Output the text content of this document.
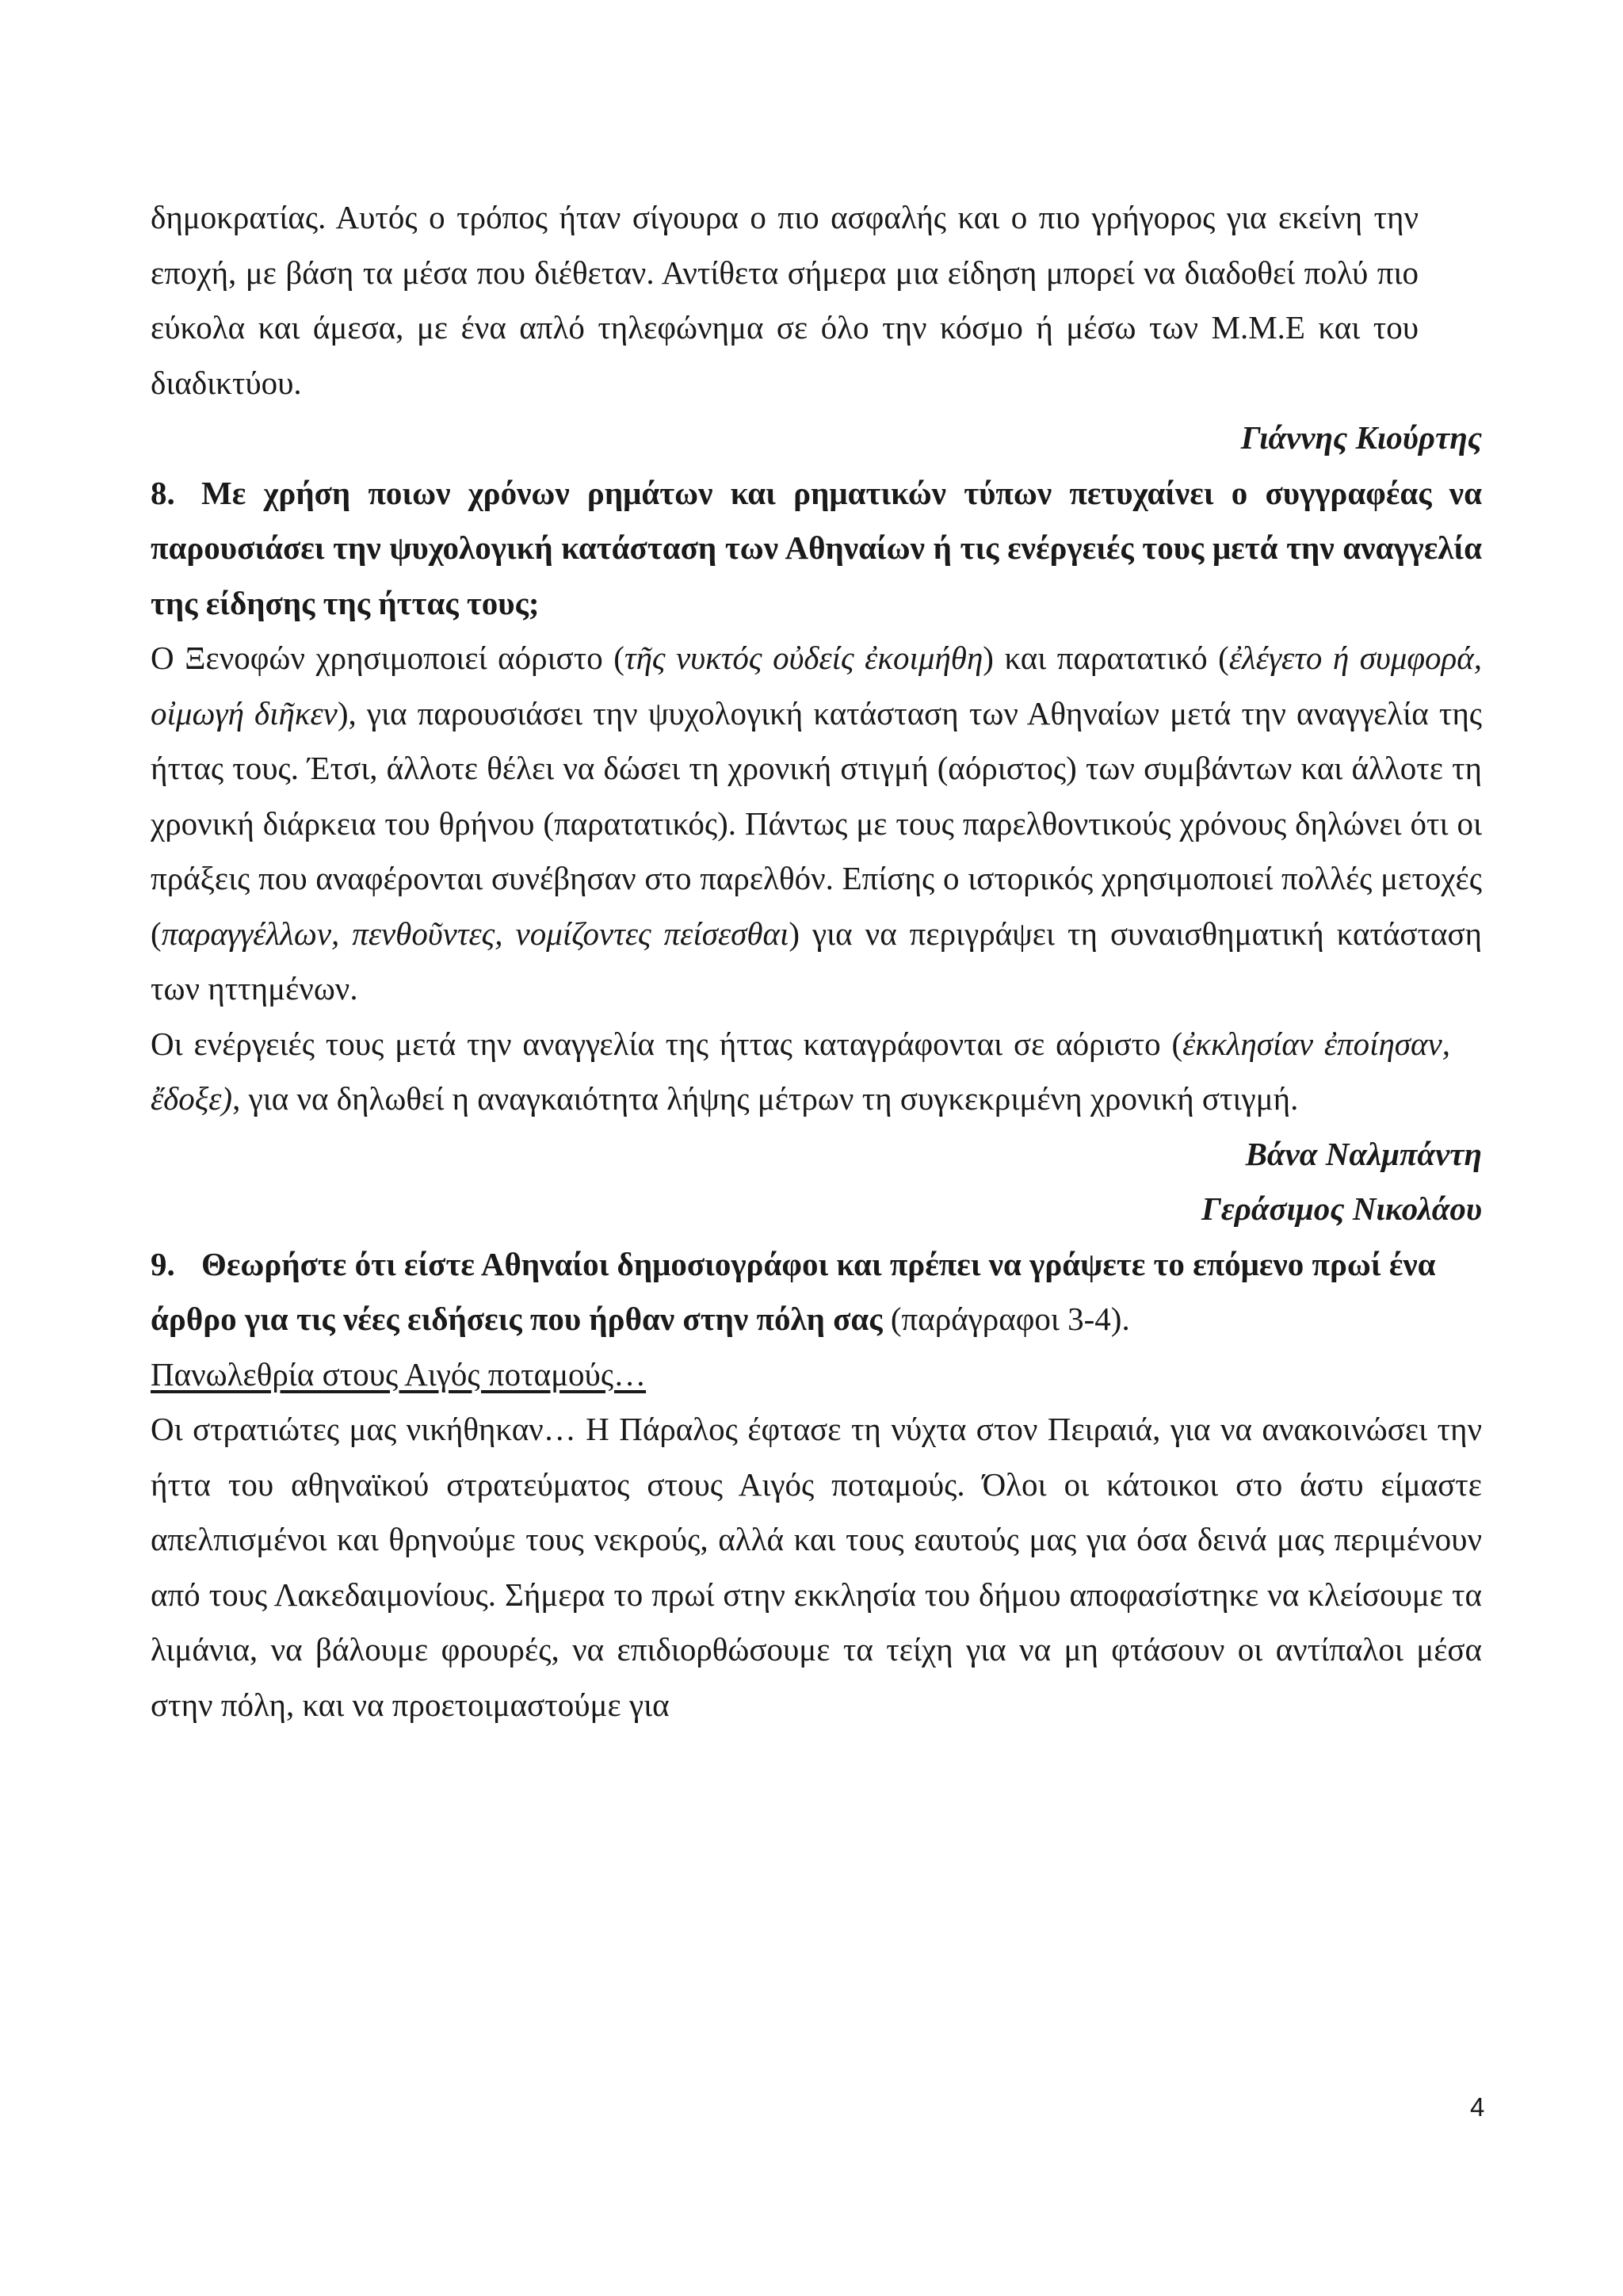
δημοκρατίας. Αυτός ο τρόπος ήταν σίγουρα ο πιο ασφαλής και ο πιο γρήγορος για εκείνη την εποχή, με βάση τα μέσα που διέθεταν. Αντίθετα σήμερα μια είδηση μπορεί να διαδοθεί πολύ πιο εύκολα και άμεσα, με ένα απλό τηλεφώνημα σε όλο την κόσμο ή μέσω των Μ.Μ.Ε και του διαδικτύου.

Γιάννης Κιούρτης

8. Με χρήση ποιων χρόνων ρημάτων και ρηματικών τύπων πετυχαίνει ο συγγραφέας να παρουσιάσει την ψυχολογική κατάσταση των Αθηναίων ή τις ενέργειές τους μετά την αναγγελία της είδησης της ήττας τους;

Ο Ξενοφών χρησιμοποιεί αόριστο (τῆς νυκτός οὐδείς ἐκοιμήθη) και παρατατικό (ἐλέγετο ή συμφορά, οἰμωγή διῆκεν), για παρουσιάσει την ψυχολογική κατάσταση των Αθηναίων μετά την αναγγελία της ήττας τους. Έτσι, άλλοτε θέλει να δώσει τη χρονική στιγμή (αόριστος) των συμβάντων και άλλοτε τη χρονική διάρκεια του θρήνου (παρατατικός). Πάντως με τους παρελθοντικούς χρόνους δηλώνει ότι οι πράξεις που αναφέρονται συνέβησαν στο παρελθόν. Επίσης ο ιστορικός χρησιμοποιεί πολλές μετοχές (παραγγέλλων, πενθοῦντες, νομίζοντες πείσεσθαι) για να περιγράψει τη συναισθηματική κατάσταση των ηττημένων.

Οι ενέργειές τους μετά την αναγγελία της ήττας καταγράφονται σε αόριστο (ἐκκλησίαν ἐποίησαν, ἔδοξε), για να δηλωθεί η αναγκαιότητα λήψης μέτρων τη συγκεκριμένη χρονική στιγμή.

Βάνα Ναλμπάντη

Γεράσιμος Νικολάου

9. Θεωρήστε ότι είστε Αθηναίοι δημοσιογράφοι και πρέπει να γράψετε το επόμενο πρωί ένα άρθρο για τις νέες ειδήσεις που ήρθαν στην πόλη σας (παράγραφοι 3-4).

Πανωλεθρία στους Αιγός ποταμούς…

Οι στρατιώτες μας νικήθηκαν… Η Πάραλος έφτασε τη νύχτα στον Πειραιά, για να ανακοινώσει την ήττα του αθηναϊκού στρατεύματος στους Αιγός ποταμούς. Όλοι οι κάτοικοι στο άστυ είμαστε απελπισμένοι και θρηνούμε τους νεκρούς, αλλά και τους εαυτούς μας για όσα δεινά μας περιμένουν από τους Λακεδαιμονίους. Σήμερα το πρωί στην εκκλησία του δήμου αποφασίστηκε να κλείσουμε τα λιμάνια, να βάλουμε φρουρές, να επιδιορθώσουμε τα τείχη για να μη φτάσουν οι αντίπαλοι μέσα στην πόλη, και να προετοιμαστούμε για

4
